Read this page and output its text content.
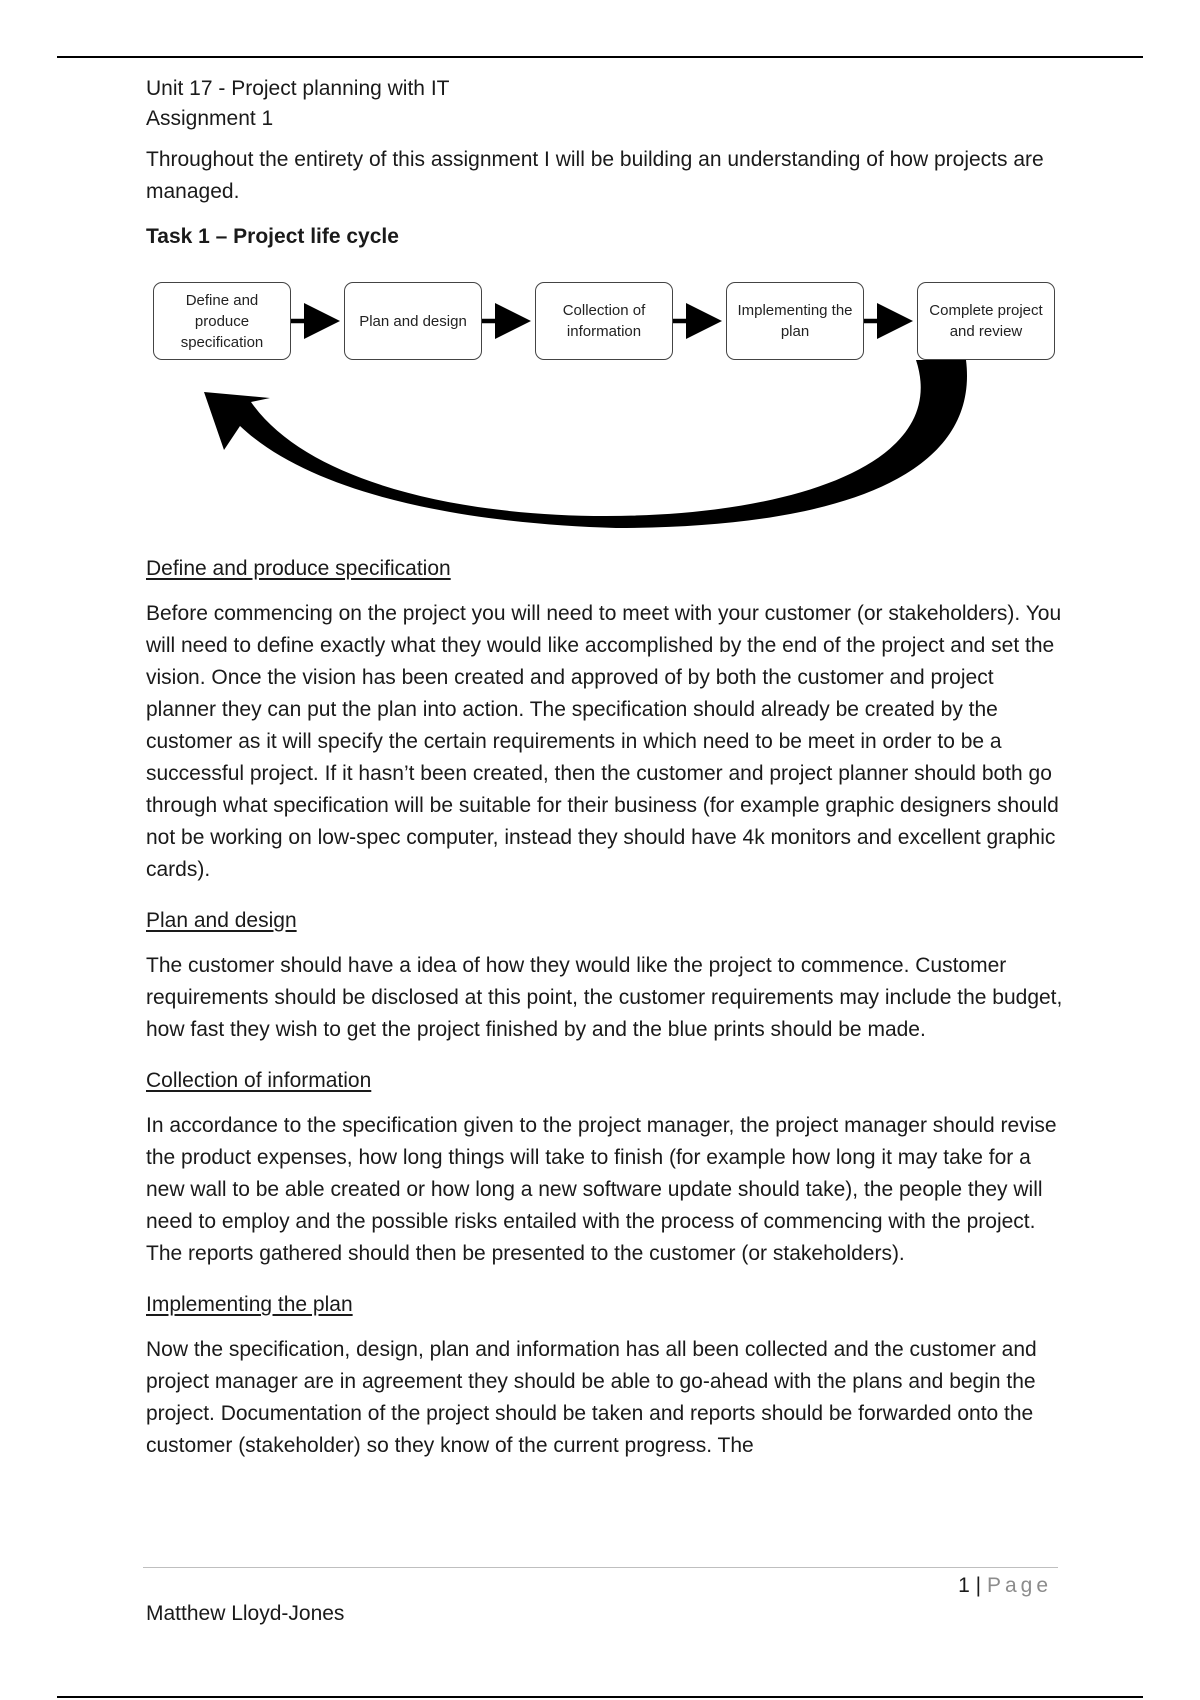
Unit 17 - Project planning with IT

Assignment 1

Throughout the entirety of this assignment I will be building an understanding of how projects are managed.

Task 1 – Project life cycle

Define and produce specification
Plan and design
Collection of information
Implementing the plan
Complete project and review

Define and produce specification

Before commencing on the project you will need to meet with your customer (or stakeholders). You will need to define exactly what they would like accomplished by the end of the project and set the vision. Once the vision has been created and approved of by both the customer and project planner they can put the plan into action. The specification should already be created by the customer as it will specify the certain requirements in which need to be meet in order to be a successful project. If it hasn’t been created, then the customer and project planner should both go through what specification will be suitable for their business (for example graphic designers should not be working on low-spec computer, instead they should have 4k monitors and excellent graphic cards).

Plan and design

The customer should have a idea of how they would like the project to commence. Customer requirements should be disclosed at this point, the customer requirements may include the budget, how fast they wish to get the project finished by and the blue prints should be made.

Collection of information

In accordance to the specification given to the project manager, the project manager should revise the product expenses, how long things will take to finish (for example how long it may take for a new wall to be able created or how long a new software update should take), the people they will need to employ and the possible risks entailed with the process of commencing with the project. The reports gathered should then be presented to the customer (or stakeholders).

Implementing the plan

Now the specification, design, plan and information has all been collected and the customer and project manager are in agreement they should be able to go-ahead with the plans and begin the project. Documentation of the project should be taken and reports should be forwarded onto the customer (stakeholder) so they know of the current progress. The

1 | Page
Matthew Lloyd-Jones
